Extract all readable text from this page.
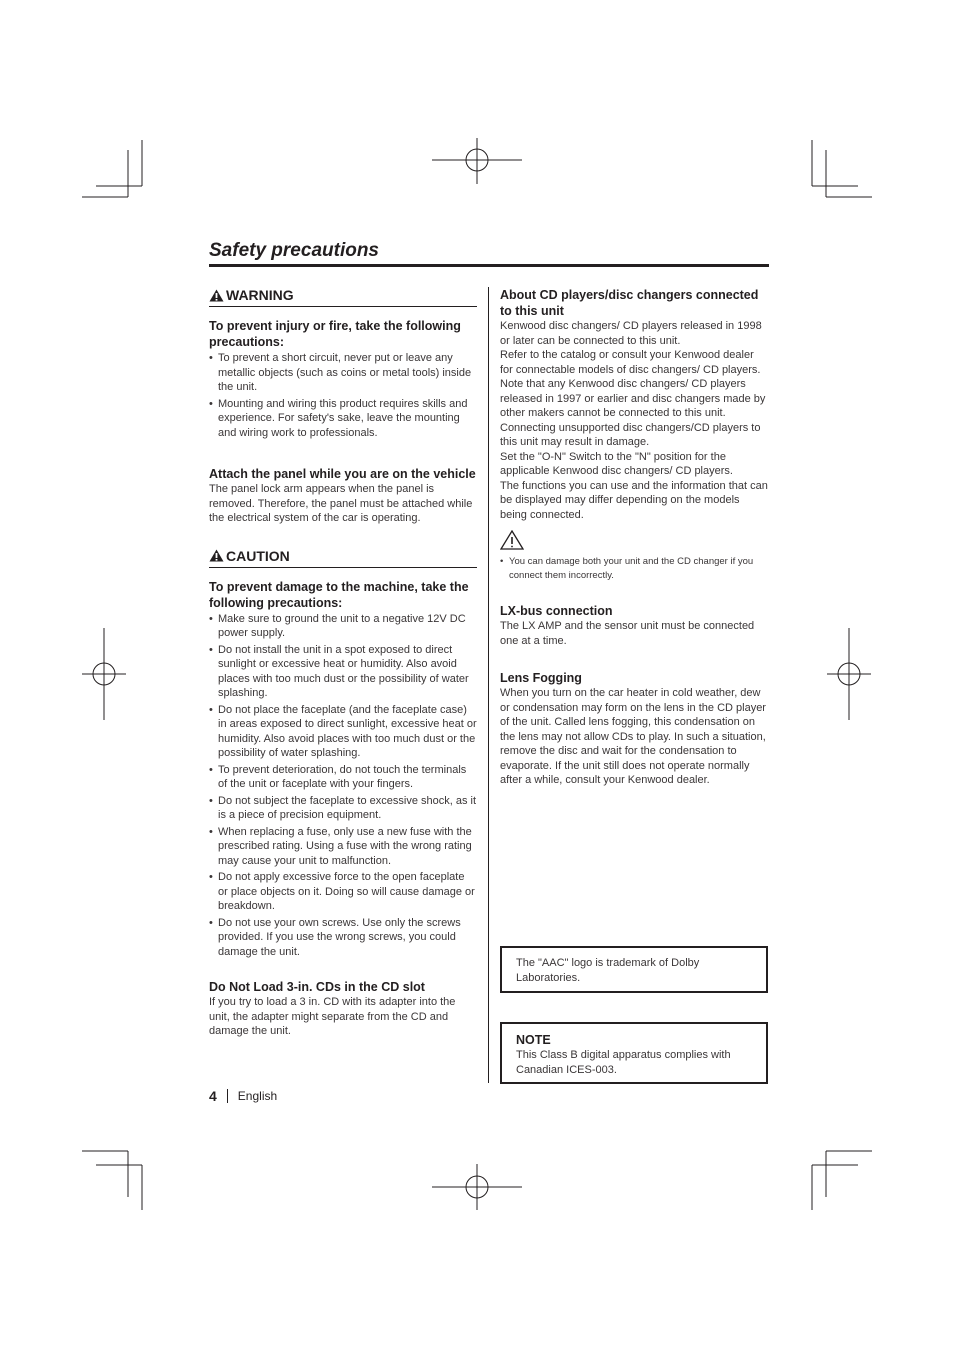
Safety precautions
WARNING
To prevent injury or fire, take the following precautions:
• To prevent a short circuit, never put or leave any metallic objects (such as coins or metal tools) inside the unit.
• Mounting and wiring this product requires skills and experience. For safety's sake, leave the mounting and wiring work to professionals.
Attach the panel while you are on the vehicle

The panel lock arm appears when the panel is removed. Therefore, the panel must be attached while the electrical system of the car is operating.

CAUTION
To prevent damage to the machine, take the following precautions:
• Make sure to ground the unit to a negative 12V DC power supply.
• Do not install the unit in a spot exposed to direct sunlight or excessive heat or humidity. Also avoid places with too much dust or the possibility of water splashing.
• Do not place the faceplate (and the faceplate case) in areas exposed to direct sunlight, excessive heat or humidity. Also avoid places with too much dust or the possibility of water splashing.
• To prevent deterioration, do not touch the terminals of the unit or faceplate with your fingers.
• Do not subject the faceplate to excessive shock, as it is a piece of precision equipment.
• When replacing a fuse, only use a new fuse with the prescribed rating. Using a fuse with the wrong rating may cause your unit to malfunction.
• Do not apply excessive force to the open faceplate or place objects on it. Doing so will cause damage or breakdown.
• Do not use your own screws. Use only the screws provided. If you use the wrong screws, you could damage the unit.
Do Not Load 3-in. CDs in the CD slot

If you try to load a 3 in. CD with its adapter into the unit, the adapter might separate from the CD and damage the unit.

About CD players/disc changers connected to this unit

Kenwood disc changers/ CD players released in 1998 or later can be connected to this unit.

Refer to the catalog or consult your Kenwood dealer for connectable models of disc changers/ CD players.

Note that any Kenwood disc changers/ CD players released in 1997 or earlier and disc changers made by other makers cannot be connected to this unit.

Connecting unsupported disc changers/CD players to this unit may result in damage.

Set the "O-N" Switch to the "N" position for the applicable Kenwood disc changers/ CD players.

The functions you can use and the information that can be displayed may differ depending on the models being connected.

• You can damage both your unit and the CD changer if you connect them incorrectly.
LX-bus connection

The LX AMP and the sensor unit must be connected one at a time.

Lens Fogging

When you turn on the car heater in cold weather, dew or condensation may form on the lens in the CD player of the unit. Called lens fogging, this condensation on the lens may not allow CDs to play. In such a situation, remove the disc and wait for the condensation to evaporate. If the unit still does not operate normally after a while, consult your Kenwood dealer.

The "AAC" logo is trademark of Dolby Laboratories.

NOTE

This Class B digital apparatus complies with Canadian ICES-003.

4 English
